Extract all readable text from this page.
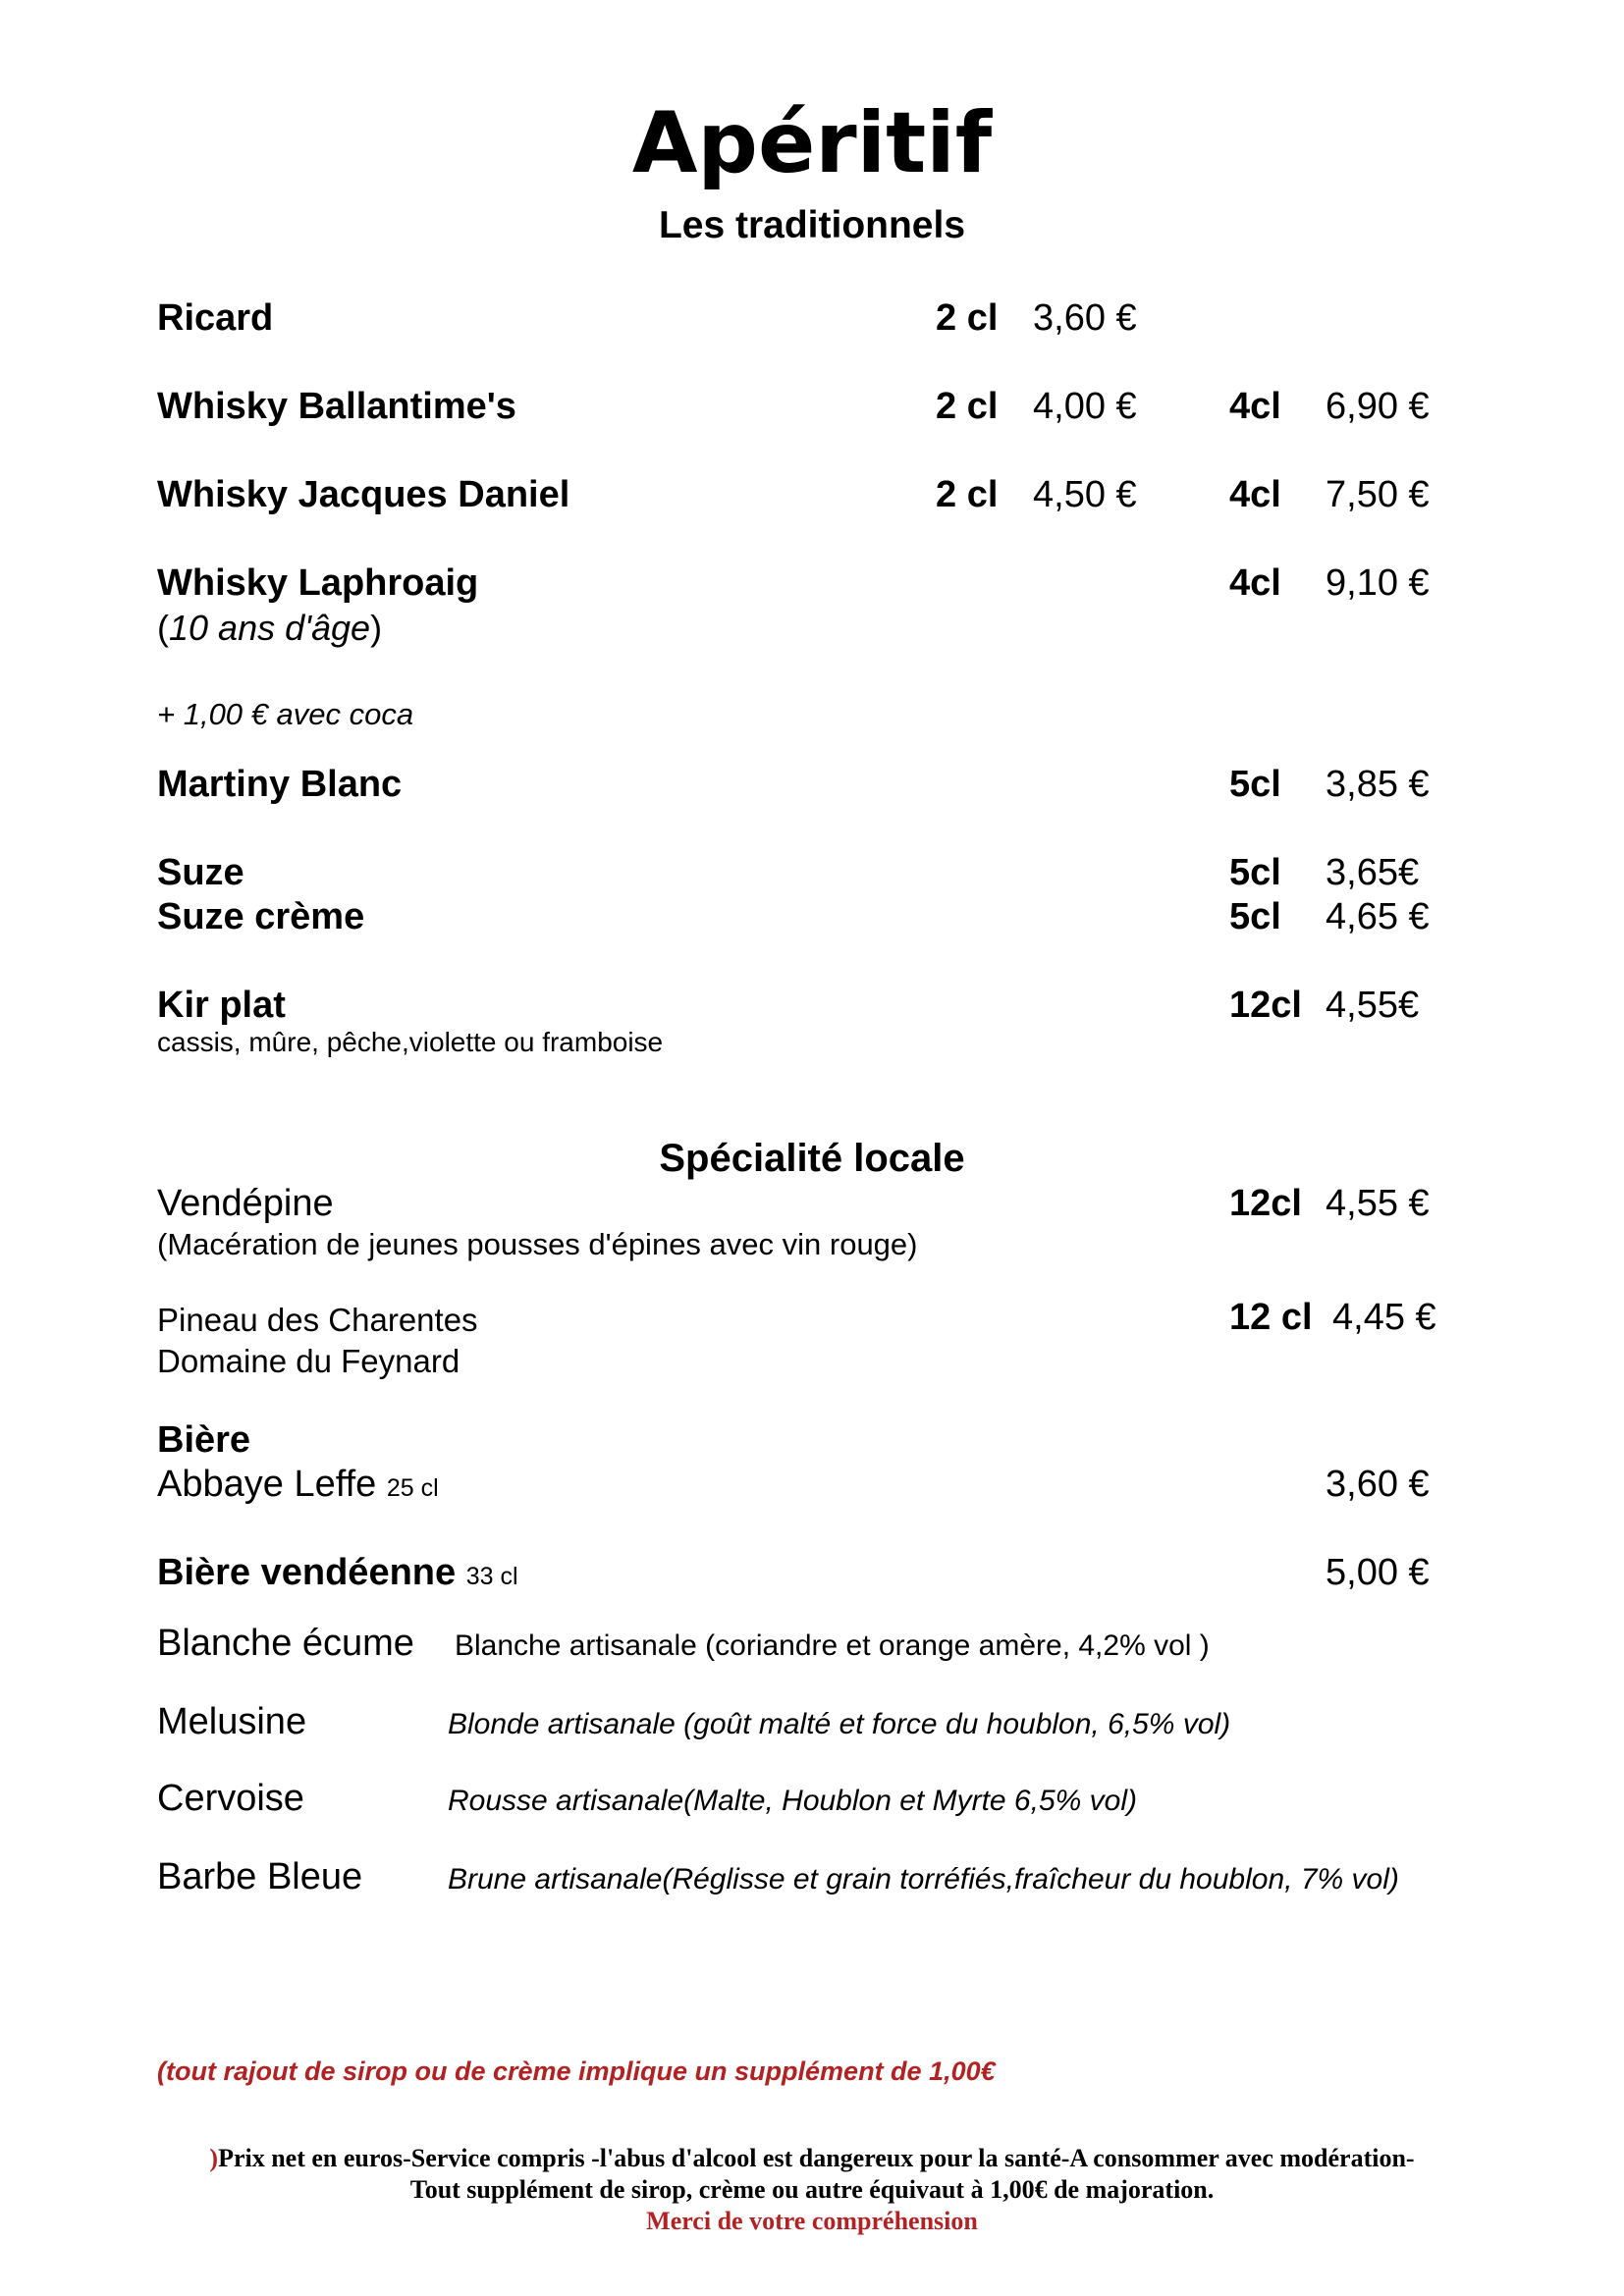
Apéritif
Les traditionnels
Ricard	2 cl 3,60 €
Whisky Ballantime's	2 cl 4,00 € 4cl 6,90 €
Whisky Jacques Daniel	2 cl 4,50 € 4cl 7,50 €
Whisky Laphroaig	4cl 9,10 €
(10 ans d'âge)
+ 1,00 € avec coca
Martiny Blanc	5cl 3,85 €
Suze	5cl 3,65€
Suze crème	5cl 4,65 €
Kir plat	12cl 4,55€
cassis, mûre, pêche,violette ou framboise
Spécialité locale
Vendépine	12cl 4,55 €
(Macération de jeunes pousses d'épines avec vin rouge)
Pineau des Charentes	12 cl 4,45 €
Domaine du Feynard
Bière
Abbaye Leffe 25 cl	3,60 €
Bière vendéenne 33 cl	5,00 €
Blanche écume Blanche artisanale (coriandre et orange amère, 4,2% vol )
Melusine	Blonde artisanale (goût malté et force du houblon, 6,5% vol)
Cervoise	Rousse artisanale(Malte, Houblon et Myrte 6,5% vol)
Barbe Bleue	Brune artisanale(Réglisse et grain torréfiés,fraîcheur du houblon, 7% vol)
(tout rajout de sirop ou de crème implique un supplément de 1,00€
)Prix net en euros-Service compris -l'abus d'alcool est dangereux pour la santé-A consommer avec modération-
Tout supplément de sirop, crème ou autre équivaut à 1,00€ de majoration.
Merci de votre compréhension
